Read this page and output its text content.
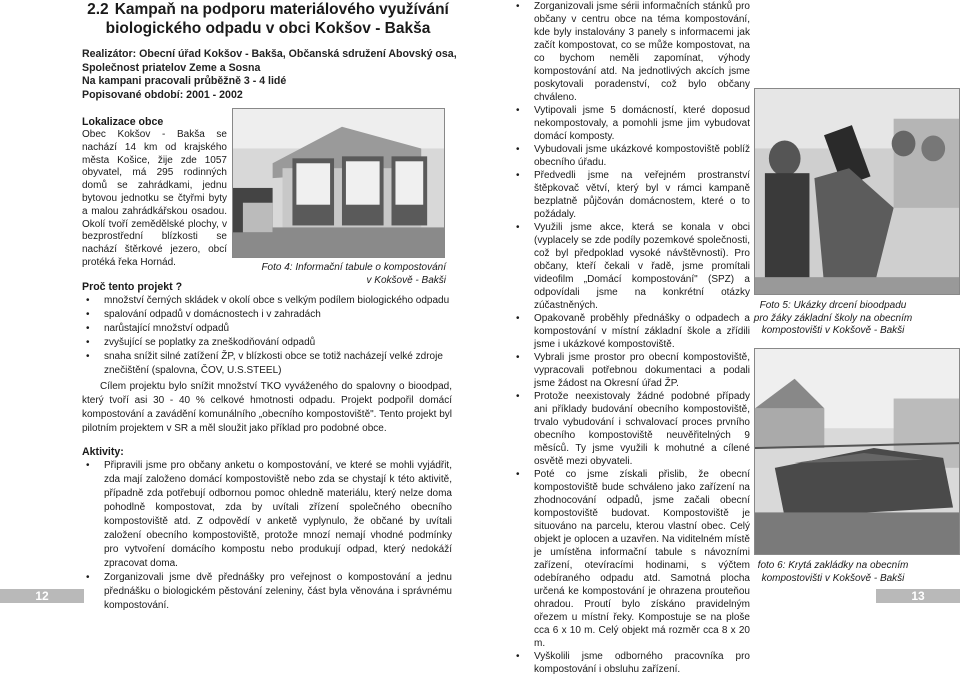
2.2 Kampaň na podporu materiálového využívání biologického odpadu v obci Kokšov - Bakša
Realizátor: Obecní úřad Kokšov - Bakša, Občanská sdružení Abovský osa,
Společnost priatelov Zeme a Sosna
Na kampani pracovali průběžně 3 - 4 lidé
Popisované období: 2001 - 2002
Lokalizace obce
Obec Kokšov - Bakša se nachází 14 km od krajského města Košice, žije zde 1057 obyvatel, má 295 rodinných domů se zahrádkami, jednu bytovou jednotku se čtyřmi byty a malou zahrádkářskou osadou. Okolí tvoří zemědělské plochy, v bezprostřední blízkosti se nachází štěrkové jezero, obcí protéká řeka Hornád.	Foto 4: Informační tabule o kompostování
v Kokšově - Bakši
Proč tento projekt ?
• množství černých skládek v okolí obce s velkým podílem biologického odpadu
• spalování odpadů v domácnostech i v zahradách
• narůstající množství odpadů
• zvyšující se poplatky za zneškodňování odpadů
• snaha snížit silné zatížení ŽP, v blízkosti obce se totiž nacházejí velké zdroje znečištění (spalovna, ČOV, U.S.STEEL)
Cílem projektu bylo snížit množství TKO vyváženého do spalovny o bioodpad, který tvoří asi 30 - 40 % celkové hmotnosti odpadu. Projekt podpořil domácí kompostování a zavádění komunálního „obecního kompostoviště". Tento projekt byl pilotním projektem v SR a měl sloužit jako příklad pro podobné obce.
Aktivity:
• Připravili jsme pro občany anketu o kompostování, ve které se mohli vyjádřit, zda mají založeno domácí kompostoviště nebo zda se chystají k této aktivitě, případně zda potřebují odbornou pomoc ohledně materiálu, který nelze doma pohodlně kompostovat, zda by uvítali zřízení společného obecního kompostoviště atd. Z odpovědí v anketě vyplynulo, že občané by uvítali založení obecního kompostoviště, protože mnozí nemají vhodné podmínky pro vytvoření domácího kompostu nebo produkují odpad, který nedokáží zpracovat doma.
• Zorganizovali jsme dvě přednášky pro veřejnost o kompostování a jednu přednášku o biologickém pěstování zeleniny, část byla věnována i správnému kompostování.
12
• Zorganizovali jsme sérii informačních stánků pro občany v centru obce na téma kompostování, kde byly instalovány 3 panely s informacemi jak začít kompostovat, co se může kompostovat, na co bychom neměli zapomínat, výhody kompostování atd. Na jednotlivých akcích jsme poskytovali poradenství, což bylo občany chváleno.
• Vytipovali jsme 5 domácností, které doposud nekompostovaly, a pomohli jsme jim vybudovat domácí komposty.
• Vybudovali jsme ukázkové kompostoviště poblíž obecního úřadu.
• Předvedli jsme na veřejném prostranství štěpkovač větví, který byl v rámci kampaně bezplatně půjčován domácnostem, které o to požádaly.
• Využili jsme akce, která se konala v obci (vyplacely se zde podíly pozemkové společnosti, což byl předpoklad vysoké návštěvnosti). Pro občany, kteří čekali v řadě, jsme promítali videofilm „Domácí kompostování" (SPZ) a odpovídali jsme na konkrétní otázky zúčastněných.
• Opakovaně proběhly přednášky o odpadech a kompostování v místní základní škole a zřídili jsme i ukázkové kompostoviště.
• Vybrali jsme prostor pro obecní kompostoviště, vypracovali potřebnou dokumentaci a podali jsme žádost na Okresní úřad ŽP.
• Protože neexistovaly žádné podobné případy ani příklady budování obecního kompostoviště, trvalo vybudování i schvalovací proces prvního obecního kompostoviště neuvěřitelných 9 měsíců. Ty jsme využili k mohutné a cílené osvětě mezi obyvateli.
• Poté co jsme získali přislib, že obecní kompostoviště bude schváleno jako zařízení na zhodnocování odpadů, jsme začali obecní kompostoviště budovat. Kompostoviště je situováno na parcelu, kterou vlastní obec. Celý objekt je oplocen a uzavřen. Na viditelném místě je umístěna informační tabule s návozními zařízení, otevíracími hodinami, s výčtem odebíraného odpadu atd. Samotná plocha určená ke kompostování je ohrazena prouteňou ohradou. Proutí bylo získáno pravidelným ořezem u místní řeky. Kompostuje se na ploše cca 6 x 10 m. Celý objekt má rozměr cca 8 x 20 m.
• Vyškolili jsme odborného pracovníka pro kompostování i obsluhu zařízení.
Foto 5: Ukázky drcení bioodpadu
pro žáky základní školy na obecním
kompostovišti v Kokšově - Bakši
foto 6: Krytá zakládky na obecním
kompostovišti v Kokšově - Bakši
13
